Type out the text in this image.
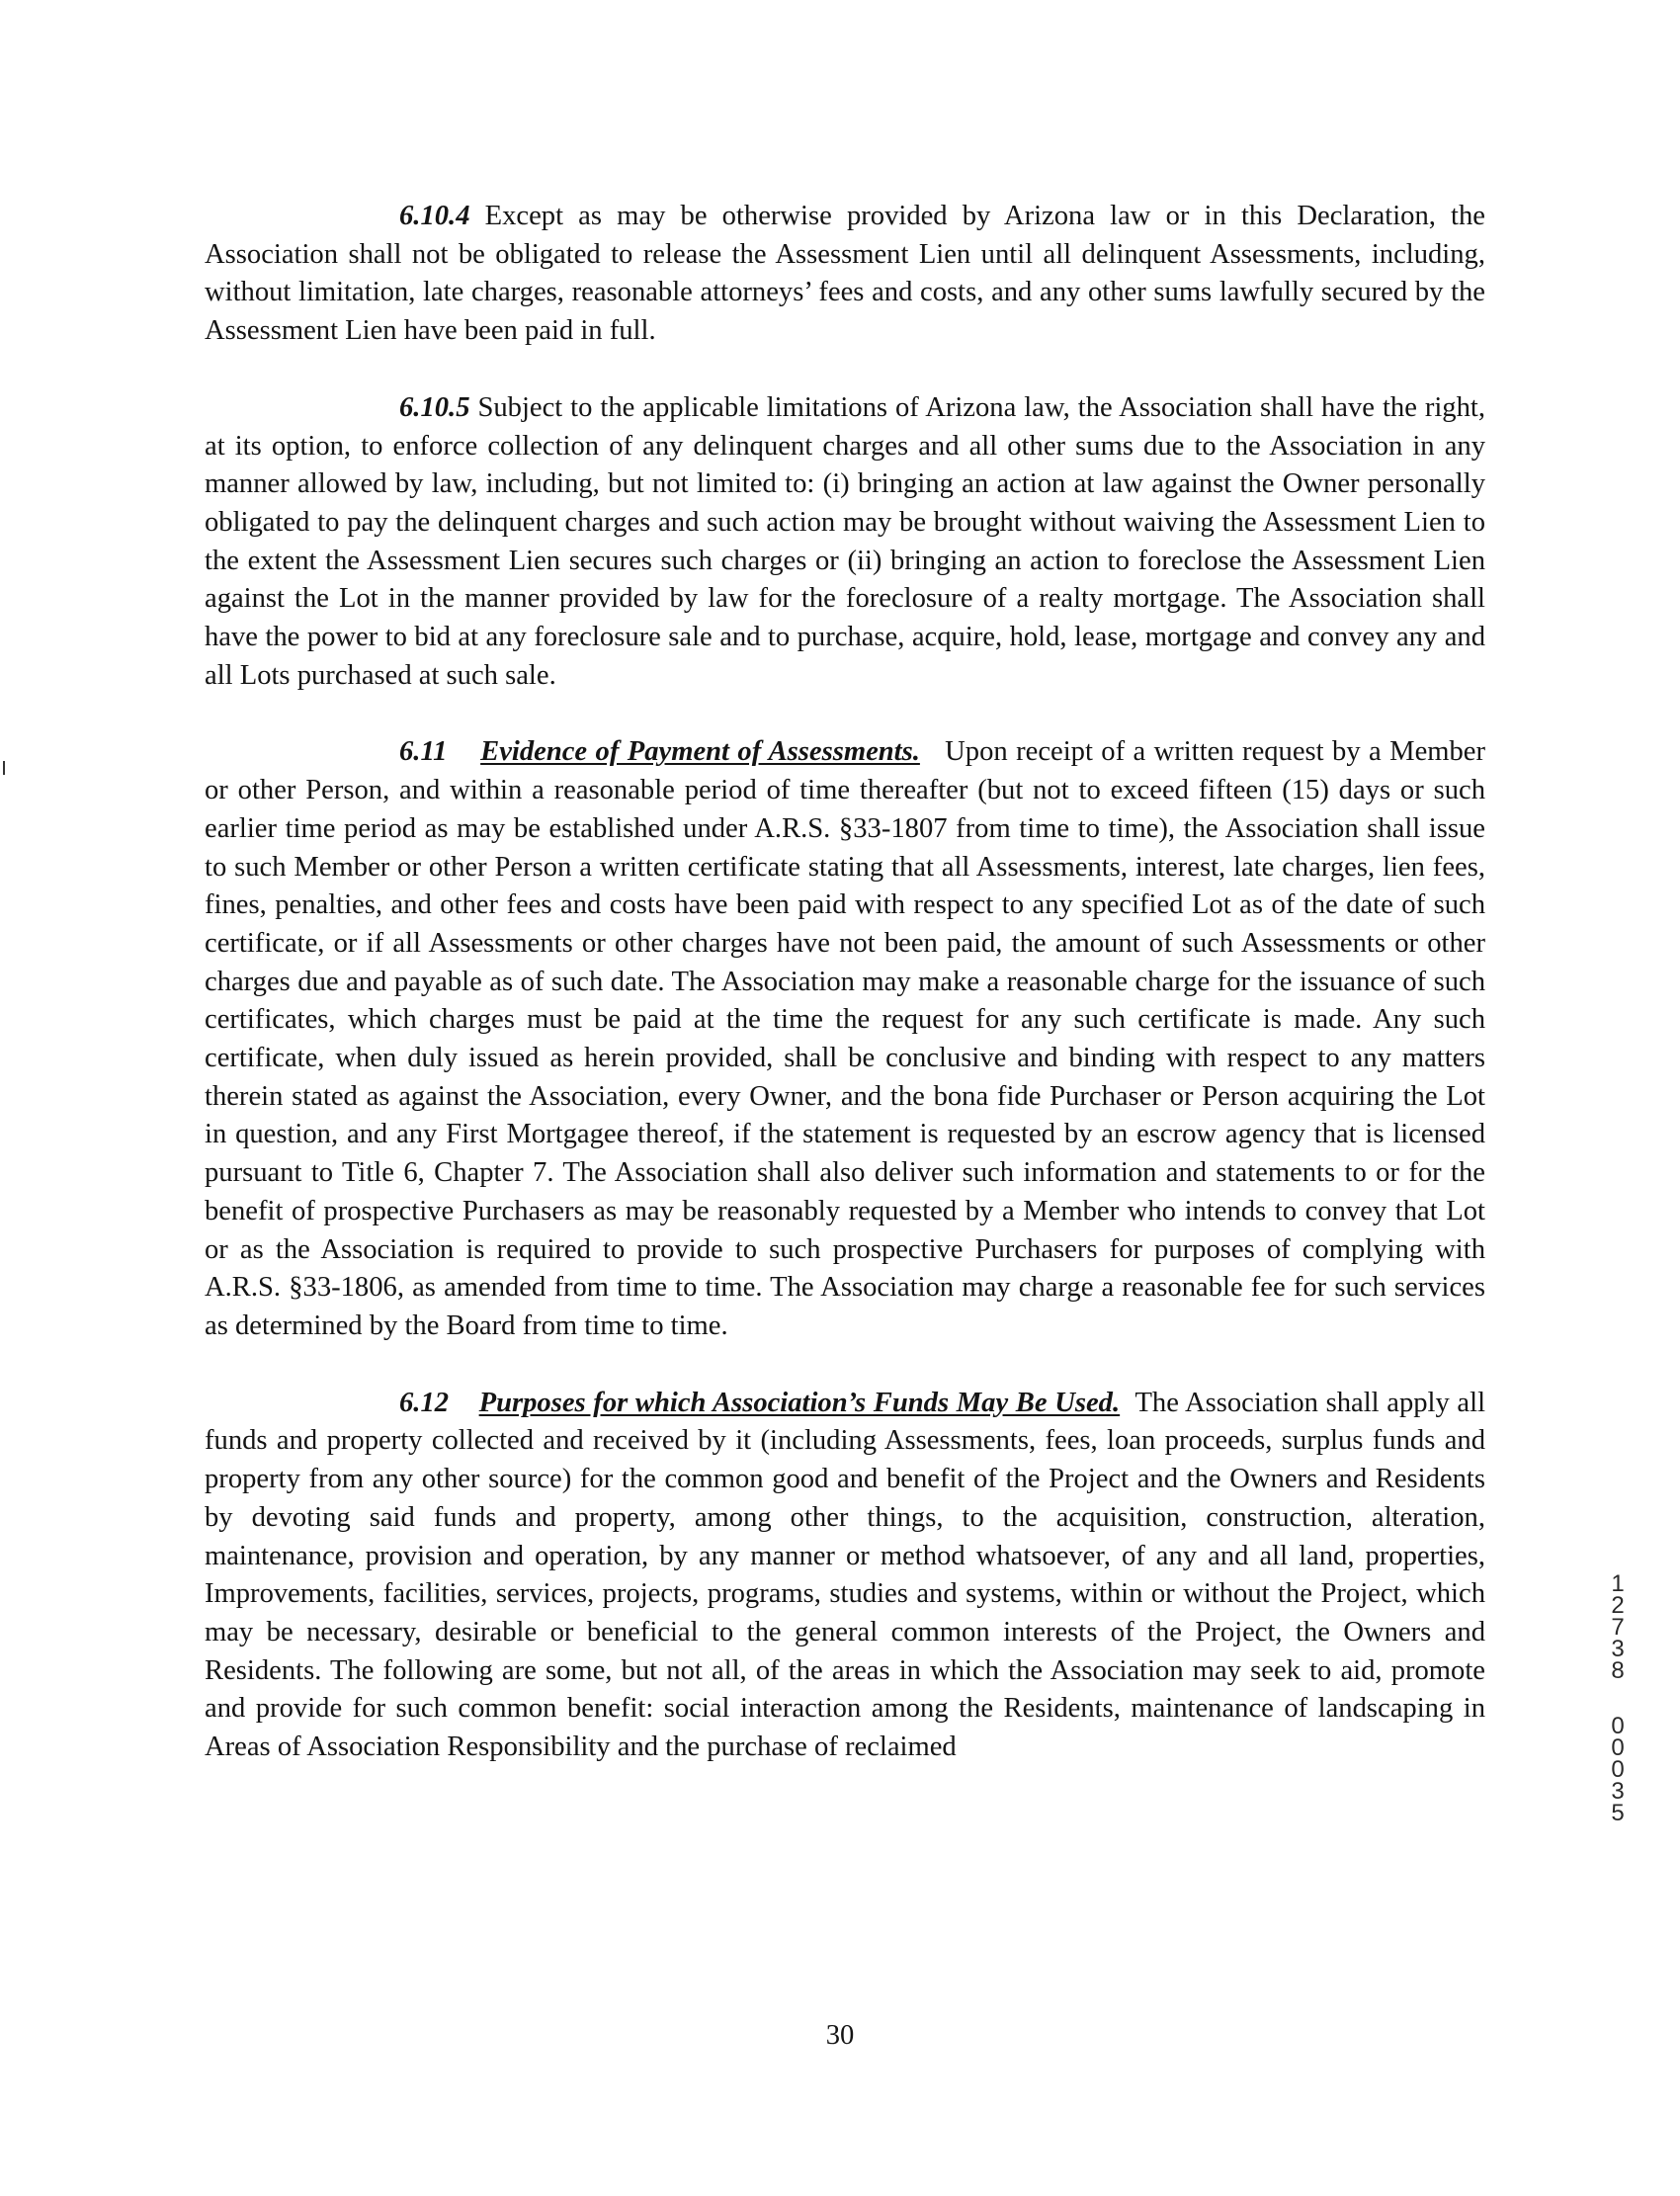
6.10.4 Except as may be otherwise provided by Arizona law or in this Declaration, the Association shall not be obligated to release the Assessment Lien until all delinquent Assessments, including, without limitation, late charges, reasonable attorneys’ fees and costs, and any other sums lawfully secured by the Assessment Lien have been paid in full.

6.10.5 Subject to the applicable limitations of Arizona law, the Association shall have the right, at its option, to enforce collection of any delinquent charges and all other sums due to the Association in any manner allowed by law, including, but not limited to: (i) bringing an action at law against the Owner personally obligated to pay the delinquent charges and such action may be brought without waiving the Assessment Lien to the extent the Assessment Lien secures such charges or (ii) bringing an action to foreclose the Assessment Lien against the Lot in the manner provided by law for the foreclosure of a realty mortgage. The Association shall have the power to bid at any foreclosure sale and to purchase, acquire, hold, lease, mortgage and convey any and all Lots purchased at such sale.

6.11 Evidence of Payment of Assessments. Upon receipt of a written request by a Member or other Person, and within a reasonable period of time thereafter (but not to exceed fifteen (15) days or such earlier time period as may be established under A.R.S. §33-1807 from time to time), the Association shall issue to such Member or other Person a written certificate stating that all Assessments, interest, late charges, lien fees, fines, penalties, and other fees and costs have been paid with respect to any specified Lot as of the date of such certificate, or if all Assessments or other charges have not been paid, the amount of such Assessments or other charges due and payable as of such date. The Association may make a reasonable charge for the issuance of such certificates, which charges must be paid at the time the request for any such certificate is made. Any such certificate, when duly issued as herein provided, shall be conclusive and binding with respect to any matters therein stated as against the Association, every Owner, and the bona fide Purchaser or Person acquiring the Lot in question, and any First Mortgagee thereof, if the statement is requested by an escrow agency that is licensed pursuant to Title 6, Chapter 7. The Association shall also deliver such information and statements to or for the benefit of prospective Purchasers as may be reasonably requested by a Member who intends to convey that Lot or as the Association is required to provide to such prospective Purchasers for purposes of complying with A.R.S. §33-1806, as amended from time to time. The Association may charge a reasonable fee for such services as determined by the Board from time to time.

6.12 Purposes for which Association’s Funds May Be Used. The Association shall apply all funds and property collected and received by it (including Assessments, fees, loan proceeds, surplus funds and property from any other source) for the common good and benefit of the Project and the Owners and Residents by devoting said funds and property, among other things, to the acquisition, construction, alteration, maintenance, provision and operation, by any manner or method whatsoever, of any and all land, properties, Improvements, facilities, services, projects, programs, studies and systems, within or without the Project, which may be necessary, desirable or beneficial to the general common interests of the Project, the Owners and Residents. The following are some, but not all, of the areas in which the Association may seek to aid, promote and provide for such common benefit: social interaction among the Residents, maintenance of landscaping in Areas of Association Responsibility and the purchase of reclaimed

30
1
2
7
3
8
0
0
0
3
5
